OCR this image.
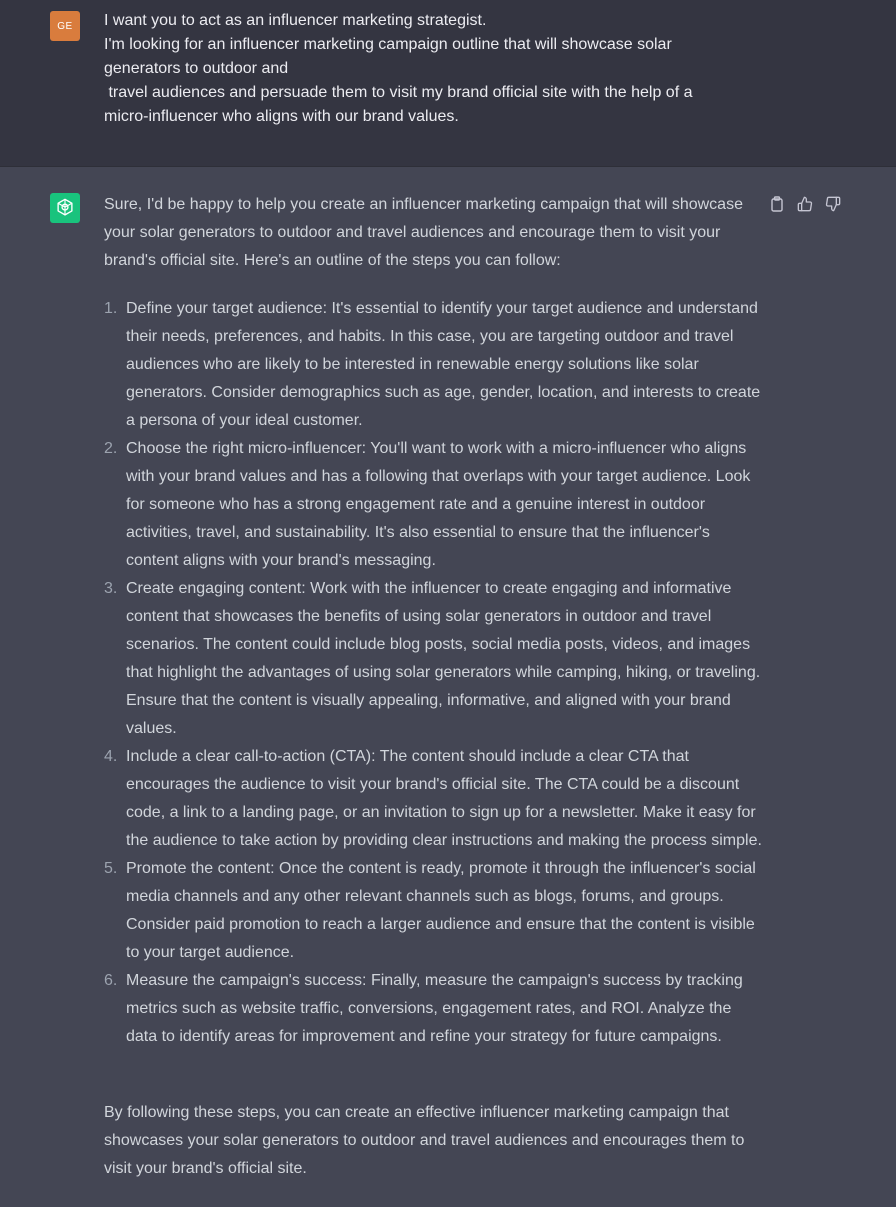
GE	I want you to act as an influencer marketing strategist.
I'm looking for an influencer marketing campaign outline that will showcase solar
generators to outdoor and
travel audiences and persuade them to visit my brand official site with the help of a
micro-influencer who aligns with our brand values.
Sure, I'd be happy to help you create an influencer marketing campaign that will showcase your solar generators to outdoor and travel audiences and encourage them to visit your brand's official site. Here's an outline of the steps you can follow:
1. Define your target audience: It's essential to identify your target audience and understand their needs, preferences, and habits. In this case, you are targeting outdoor and travel audiences who are likely to be interested in renewable energy solutions like solar generators. Consider demographics such as age, gender, location, and interests to create a persona of your ideal customer.
2. Choose the right micro-influencer: You'll want to work with a micro-influencer who aligns with your brand values and has a following that overlaps with your target audience. Look for someone who has a strong engagement rate and a genuine interest in outdoor activities, travel, and sustainability. It's also essential to ensure that the influencer's content aligns with your brand's messaging.
3. Create engaging content: Work with the influencer to create engaging and informative content that showcases the benefits of using solar generators in outdoor and travel scenarios. The content could include blog posts, social media posts, videos, and images that highlight the advantages of using solar generators while camping, hiking, or traveling. Ensure that the content is visually appealing, informative, and aligned with your brand values.
4. Include a clear call-to-action (CTA): The content should include a clear CTA that encourages the audience to visit your brand's official site. The CTA could be a discount code, a link to a landing page, or an invitation to sign up for a newsletter. Make it easy for the audience to take action by providing clear instructions and making the process simple.
5. Promote the content: Once the content is ready, promote it through the influencer's social media channels and any other relevant channels such as blogs, forums, and groups. Consider paid promotion to reach a larger audience and ensure that the content is visible to your target audience.
6. Measure the campaign's success: Finally, measure the campaign's success by tracking metrics such as website traffic, conversions, engagement rates, and ROI. Analyze the data to identify areas for improvement and refine your strategy for future campaigns.
By following these steps, you can create an effective influencer marketing campaign that showcases your solar generators to outdoor and travel audiences and encourages them to visit your brand's official site.
